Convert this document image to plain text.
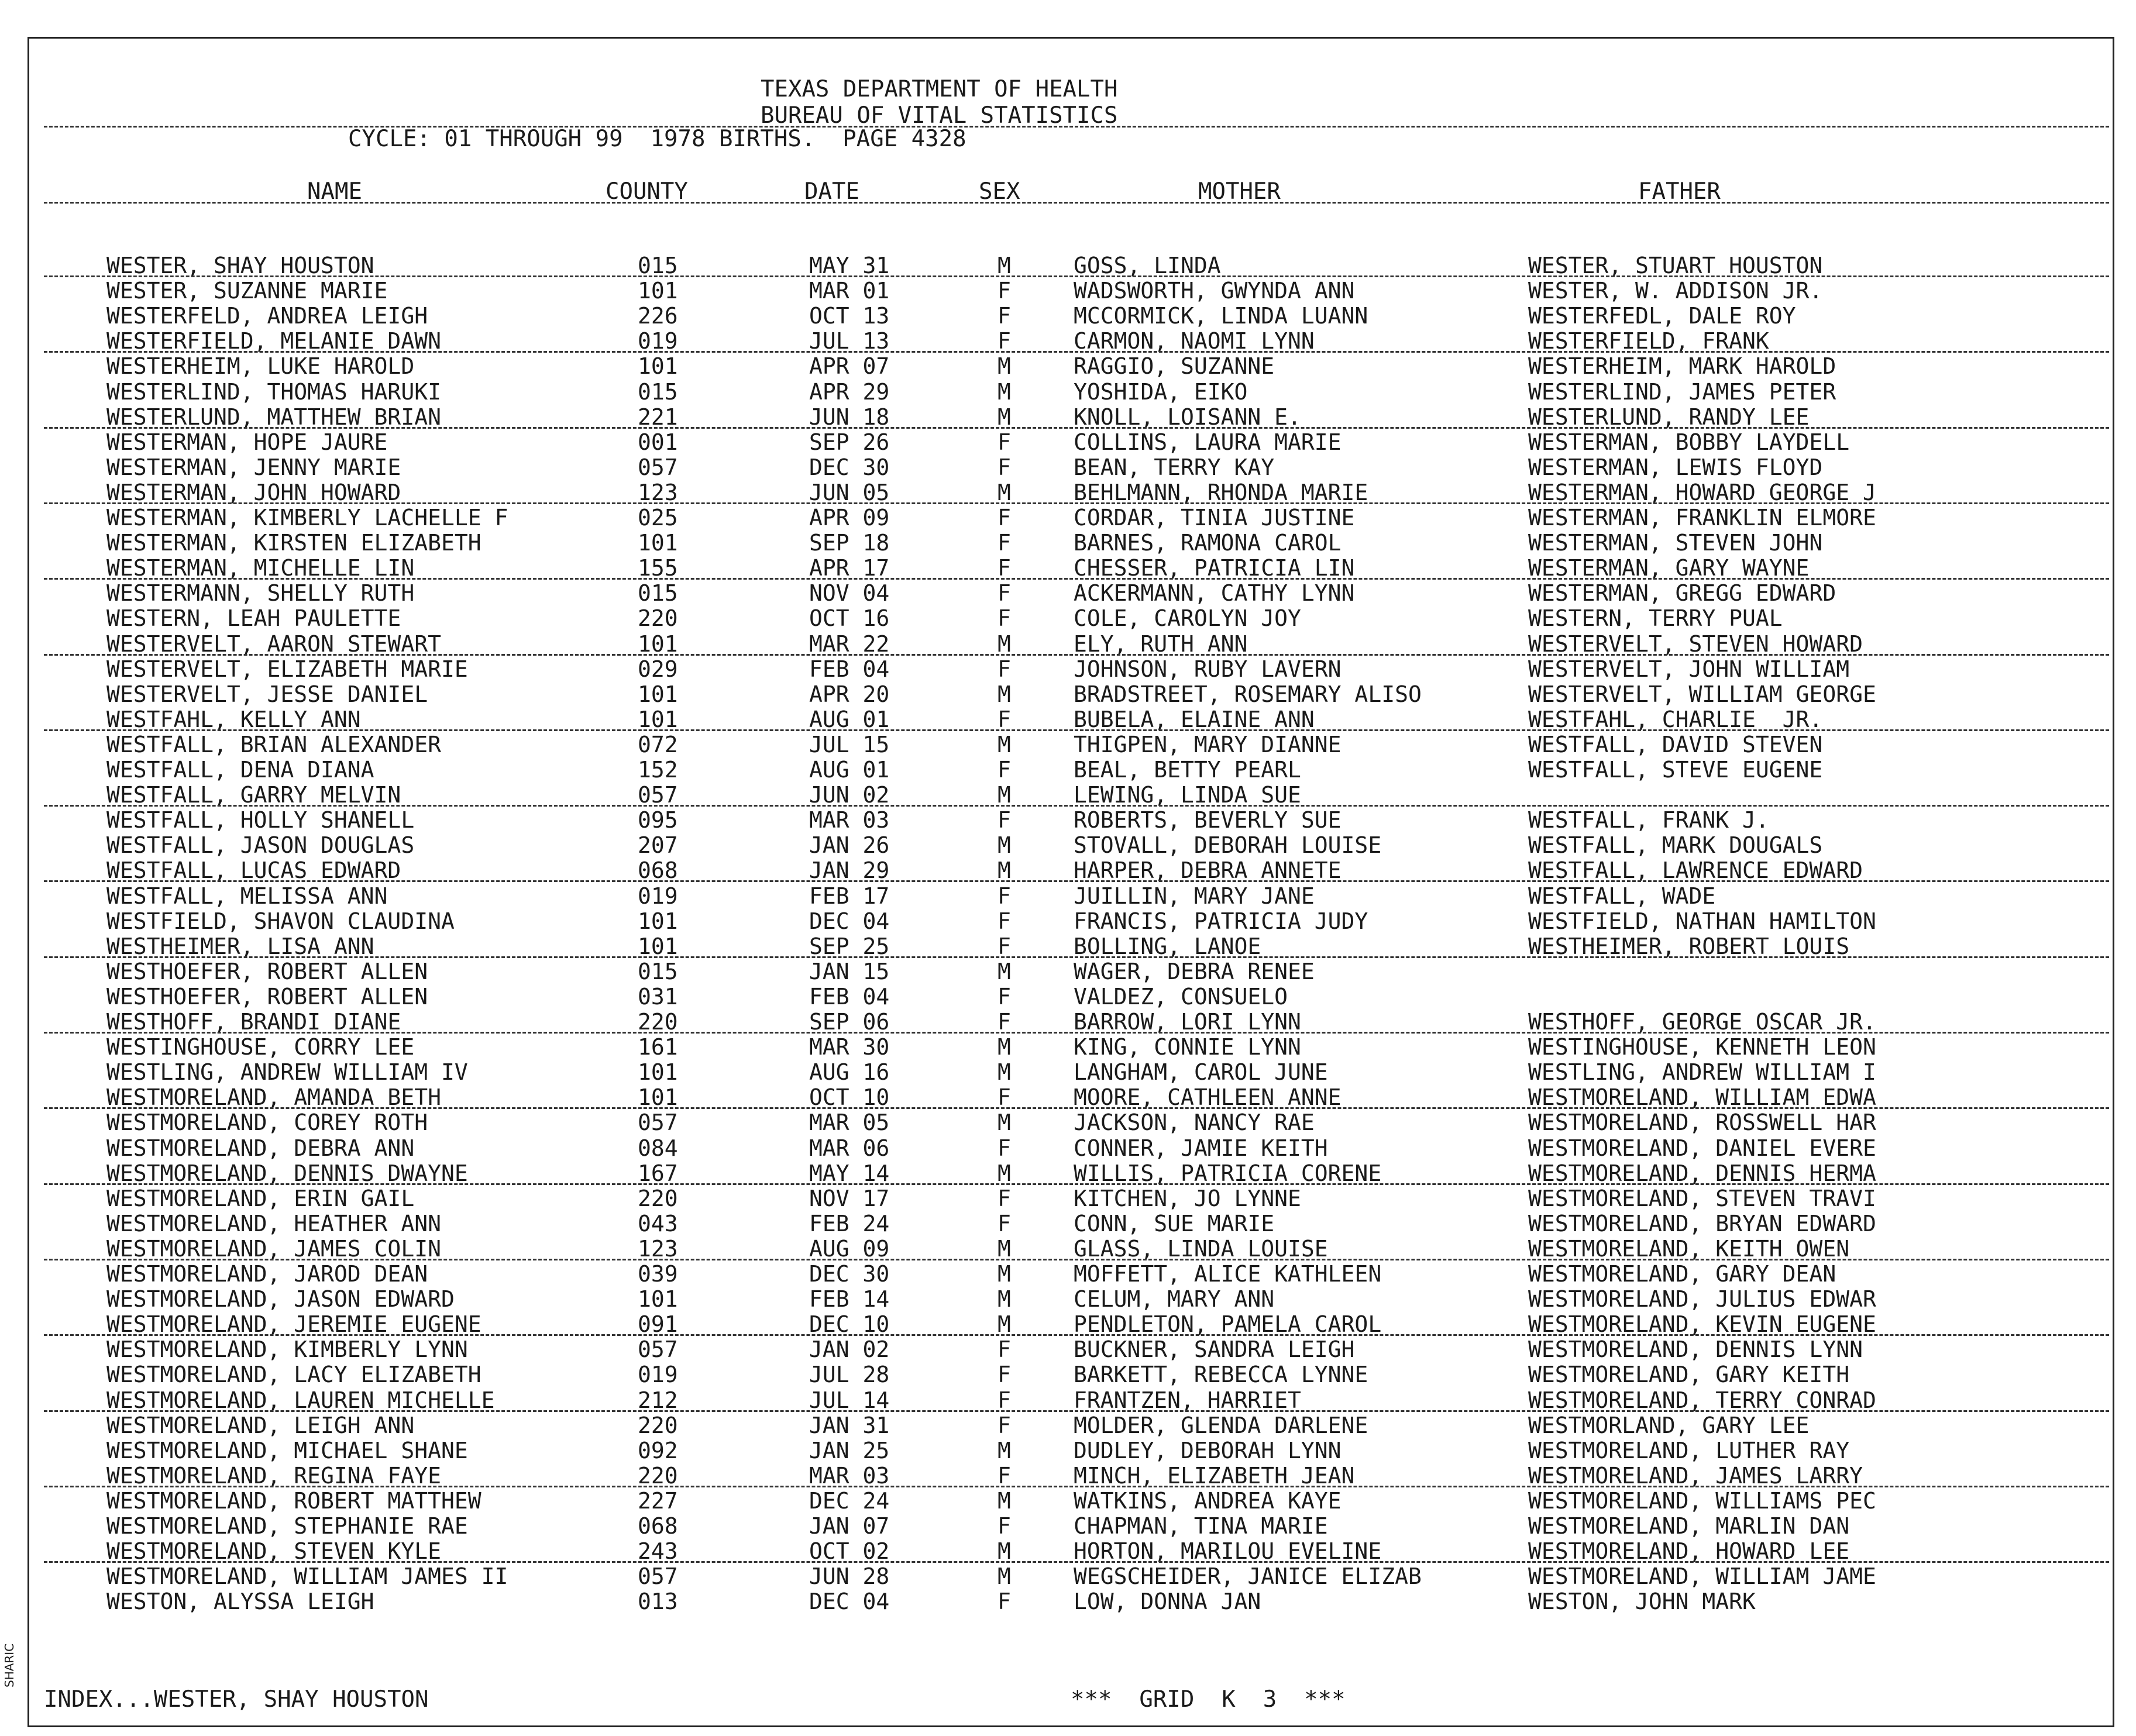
TEXAS DEPARTMENT OF HEALTH
BUREAU OF VITAL STATISTICS
CYCLE: 01 THROUGH 99  1978 BIRTHS.  PAGE 4328
NAME	COUNTY	DATE	SEX	MOTHER	FATHER
WESTER, SHAY HOUSTON	015	MAY 31	M	GOSS, LINDA	WESTER, STUART HOUSTON
WESTER, SUZANNE MARIE	101	MAR 01	F	WADSWORTH, GWYNDA ANN	WESTER, W. ADDISON JR.
WESTERFELD, ANDREA LEIGH	226	OCT 13	F	MCCORMICK, LINDA LUANN	WESTERFEDL, DALE ROY
WESTERFIELD, MELANIE DAWN	019	JUL 13	F	CARMON, NAOMI LYNN	WESTERFIELD, FRANK
WESTERHEIM, LUKE HAROLD	101	APR 07	M	RAGGIO, SUZANNE	WESTERHEIM, MARK HAROLD
WESTERLIND, THOMAS HARUKI	015	APR 29	M	YOSHIDA, EIKO	WESTERLIND, JAMES PETER
WESTERLUND, MATTHEW BRIAN	221	JUN 18	M	KNOLL, LOISANN E.	WESTERLUND, RANDY LEE
WESTERMAN, HOPE JAURE	001	SEP 26	F	COLLINS, LAURA MARIE	WESTERMAN, BOBBY LAYDELL
WESTERMAN, JENNY MARIE	057	DEC 30	F	BEAN, TERRY KAY	WESTERMAN, LEWIS FLOYD
WESTERMAN, JOHN HOWARD	123	JUN 05	M	BEHLMANN, RHONDA MARIE	WESTERMAN, HOWARD GEORGE J
WESTERMAN, KIMBERLY LACHELLE F	025	APR 09	F	CORDAR, TINIA JUSTINE	WESTERMAN, FRANKLIN ELMORE
WESTERMAN, KIRSTEN ELIZABETH	101	SEP 18	F	BARNES, RAMONA CAROL	WESTERMAN, STEVEN JOHN
WESTERMAN, MICHELLE LIN	155	APR 17	F	CHESSER, PATRICIA LIN	WESTERMAN, GARY WAYNE
WESTERMANN, SHELLY RUTH	015	NOV 04	F	ACKERMANN, CATHY LYNN	WESTERMAN, GREGG EDWARD
WESTERN, LEAH PAULETTE	220	OCT 16	F	COLE, CAROLYN JOY	WESTERN, TERRY PUAL
WESTERVELT, AARON STEWART	101	MAR 22	M	ELY, RUTH ANN	WESTERVELT, STEVEN HOWARD
WESTERVELT, ELIZABETH MARIE	029	FEB 04	F	JOHNSON, RUBY LAVERN	WESTERVELT, JOHN WILLIAM
WESTERVELT, JESSE DANIEL	101	APR 20	M	BRADSTREET, ROSEMARY ALISO	WESTERVELT, WILLIAM GEORGE
WESTFAHL, KELLY ANN	101	AUG 01	F	BUBELA, ELAINE ANN	WESTFAHL, CHARLIE  JR.
WESTFALL, BRIAN ALEXANDER	072	JUL 15	M	THIGPEN, MARY DIANNE	WESTFALL, DAVID STEVEN
WESTFALL, DENA DIANA	152	AUG 01	F	BEAL, BETTY PEARL	WESTFALL, STEVE EUGENE
WESTFALL, GARRY MELVIN	057	JUN 02	M	LEWING, LINDA SUE
WESTFALL, HOLLY SHANELL	095	MAR 03	F	ROBERTS, BEVERLY SUE	WESTFALL, FRANK J.
WESTFALL, JASON DOUGLAS	207	JAN 26	M	STOVALL, DEBORAH LOUISE	WESTFALL, MARK DOUGALS
WESTFALL, LUCAS EDWARD	068	JAN 29	M	HARPER, DEBRA ANNETE	WESTFALL, LAWRENCE EDWARD
WESTFALL, MELISSA ANN	019	FEB 17	F	JUILLIN, MARY JANE	WESTFALL, WADE
WESTFIELD, SHAVON CLAUDINA	101	DEC 04	F	FRANCIS, PATRICIA JUDY	WESTFIELD, NATHAN HAMILTON
WESTHEIMER, LISA ANN	101	SEP 25	F	BOLLING, LANOE	WESTHEIMER, ROBERT LOUIS
WESTHOEFER, ROBERT ALLEN	015	JAN 15	M	WAGER, DEBRA RENEE
WESTHOEFER, ROBERT ALLEN	031	FEB 04	F	VALDEZ, CONSUELO
WESTHOFF, BRANDI DIANE	220	SEP 06	F	BARROW, LORI LYNN	WESTHOFF, GEORGE OSCAR JR.
WESTINGHOUSE, CORRY LEE	161	MAR 30	M	KING, CONNIE LYNN	WESTINGHOUSE, KENNETH LEON
WESTLING, ANDREW WILLIAM IV	101	AUG 16	M	LANGHAM, CAROL JUNE	WESTLING, ANDREW WILLIAM I
WESTMORELAND, AMANDA BETH	101	OCT 10	F	MOORE, CATHLEEN ANNE	WESTMORELAND, WILLIAM EDWA
WESTMORELAND, COREY ROTH	057	MAR 05	M	JACKSON, NANCY RAE	WESTMORELAND, ROSSWELL HAR
WESTMORELAND, DEBRA ANN	084	MAR 06	F	CONNER, JAMIE KEITH	WESTMORELAND, DANIEL EVERE
WESTMORELAND, DENNIS DWAYNE	167	MAY 14	M	WILLIS, PATRICIA CORENE	WESTMORELAND, DENNIS HERMA
WESTMORELAND, ERIN GAIL	220	NOV 17	F	KITCHEN, JO LYNNE	WESTMORELAND, STEVEN TRAVI
WESTMORELAND, HEATHER ANN	043	FEB 24	F	CONN, SUE MARIE	WESTMORELAND, BRYAN EDWARD
WESTMORELAND, JAMES COLIN	123	AUG 09	M	GLASS, LINDA LOUISE	WESTMORELAND, KEITH OWEN
WESTMORELAND, JAROD DEAN	039	DEC 30	M	MOFFETT, ALICE KATHLEEN	WESTMORELAND, GARY DEAN
WESTMORELAND, JASON EDWARD	101	FEB 14	M	CELUM, MARY ANN	WESTMORELAND, JULIUS EDWAR
WESTMORELAND, JEREMIE EUGENE	091	DEC 10	M	PENDLETON, PAMELA CAROL	WESTMORELAND, KEVIN EUGENE
WESTMORELAND, KIMBERLY LYNN	057	JAN 02	F	BUCKNER, SANDRA LEIGH	WESTMORELAND, DENNIS LYNN
WESTMORELAND, LACY ELIZABETH	019	JUL 28	F	BARKETT, REBECCA LYNNE	WESTMORELAND, GARY KEITH
WESTMORELAND, LAUREN MICHELLE	212	JUL 14	F	FRANTZEN, HARRIET	WESTMORELAND, TERRY CONRAD
WESTMORELAND, LEIGH ANN	220	JAN 31	F	MOLDER, GLENDA DARLENE	WESTMORLAND, GARY LEE
WESTMORELAND, MICHAEL SHANE	092	JAN 25	M	DUDLEY, DEBORAH LYNN	WESTMORELAND, LUTHER RAY
WESTMORELAND, REGINA FAYE	220	MAR 03	F	MINCH, ELIZABETH JEAN	WESTMORELAND, JAMES LARRY
WESTMORELAND, ROBERT MATTHEW	227	DEC 24	M	WATKINS, ANDREA KAYE	WESTMORELAND, WILLIAMS PEC
WESTMORELAND, STEPHANIE RAE	068	JAN 07	F	CHAPMAN, TINA MARIE	WESTMORELAND, MARLIN DAN
WESTMORELAND, STEVEN KYLE	243	OCT 02	M	HORTON, MARILOU EVELINE	WESTMORELAND, HOWARD LEE
WESTMORELAND, WILLIAM JAMES II	057	JUN 28	M	WEGSCHEIDER, JANICE ELIZAB	WESTMORELAND, WILLIAM JAME
WESTON, ALYSSA LEIGH	013	DEC 04	F	LOW, DONNA JAN	WESTON, JOHN MARK
INDEX...WESTER, SHAY HOUSTON	***  GRID  K  3  ***
SHARIC
